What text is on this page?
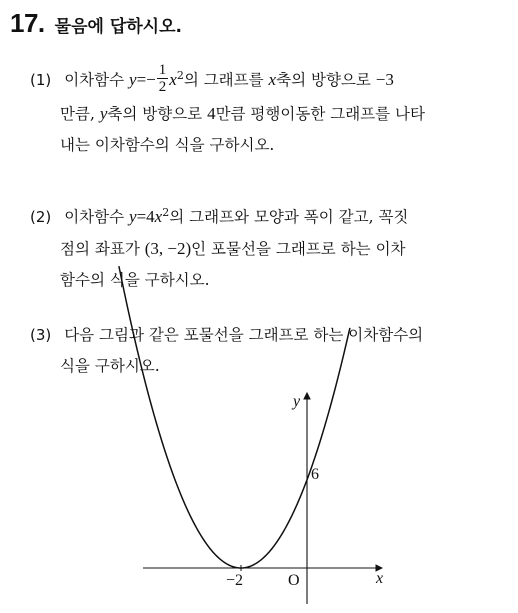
17. 물음에 답하시오.
(1) 이차함수 $y=- \frac{1}{2} x^2$의 그래프를 x축의 방향으로 −3
만큼, y축의 방향으로 4만큼 평행이동한 그래프를 나타
내는 이차함수의 식을 구하시오.
(2) 이차함수 $y=4x^2$의 그래프와 모양과 폭이 같고, 꼭짓
점의 좌표가 (3, −2)인 포물선을 그래프로 하는 이차
함수의 식을 구하시오.
(3) 다음 그림과 같은 포물선을 그래프로 하는 이차함수의
식을 구하시오.
x
y
O
−2
6
